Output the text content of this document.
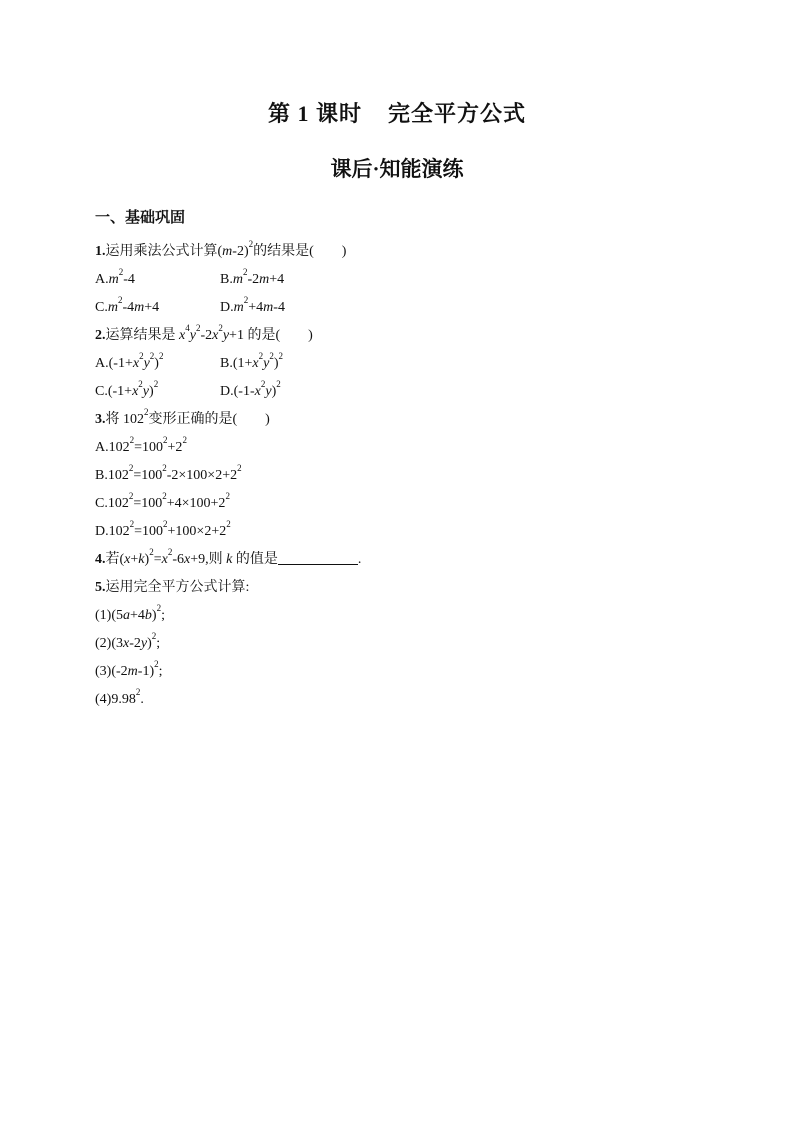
第 1 课时 完全平方公式
课后·知能演练
一、基础巩固
1.运用乘法公式计算$(m-2)^2$的结果是(　　)
$A.m^2-4$	$B.m^2-2m+4$
$C.m^2-4m+4$	$D.m^2+4m-4$
2.运算结果是 $x^4y^2-2x^2y+1$ 的是(　　)
$A.(-1+x^2y^2)^2$	$B.(1+x^2y^2)^2$
$C.(-1+x^2y)^2$	$D.(-1-x^2y)^2$
3.将 $102^2$变形正确的是(　　)
$A.102^2=100^2+2^2$
$B.102^2=100^2-2\times 100\times 2+2^2$
$C.102^2=100^2+4\times 100+2^2$
$D.102^2=100^2+100\times 2+2^2$
4.若$(x+k)^2=x^2-6x+9$,则 k 的值是	.
5.运用完全平方公式计算:
$(1)(5a+4b)^2$;
$(2)(3x-2y)^2$;
$(3)(-2m-1)^2$;
(4)9.98$^2$.
